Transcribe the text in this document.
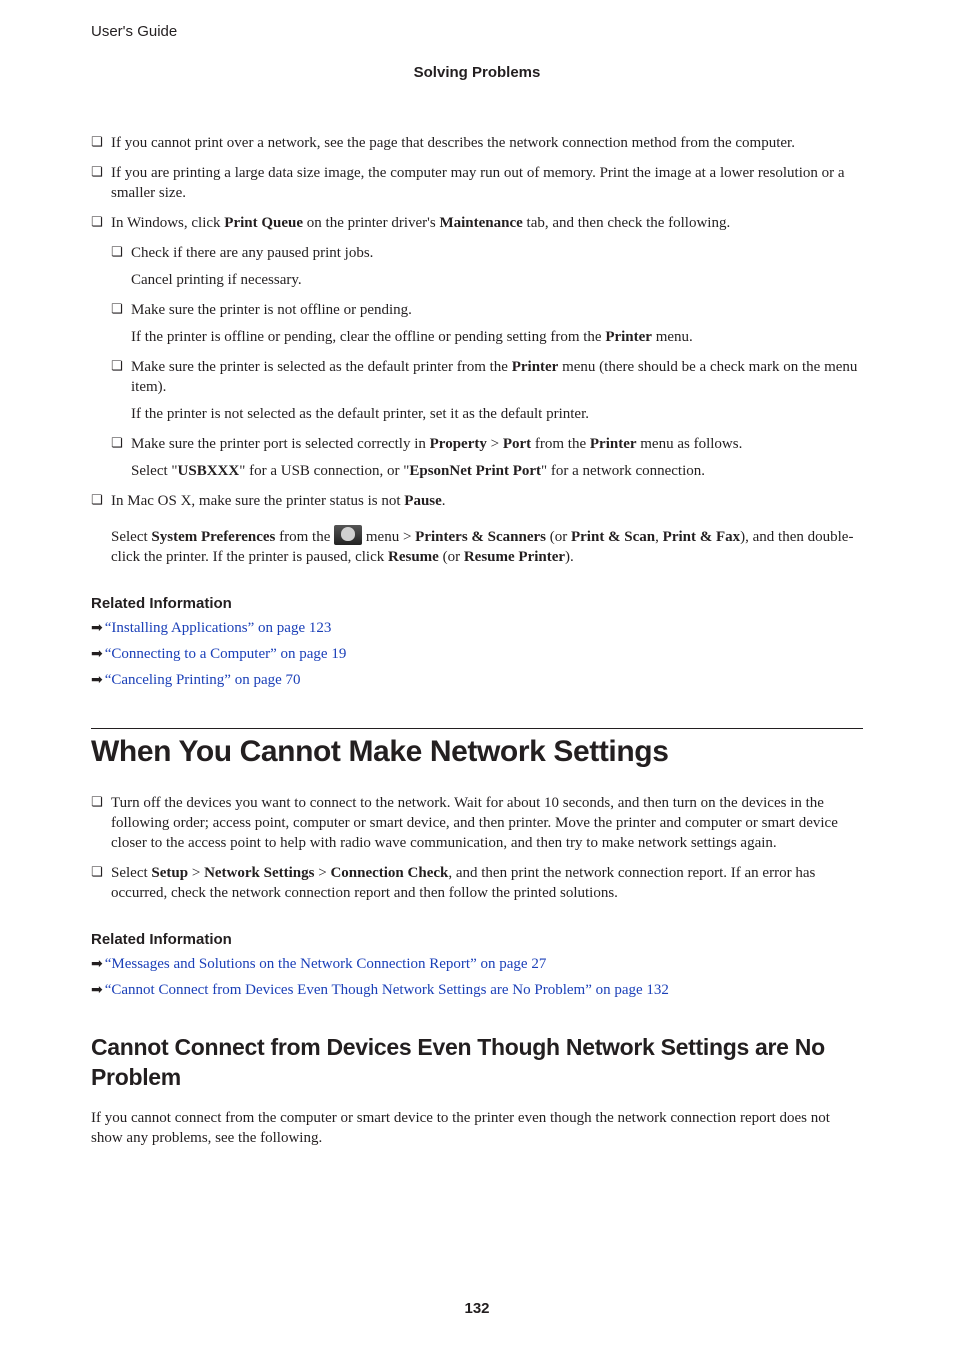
User's Guide
Solving Problems
❏ If you cannot print over a network, see the page that describes the network connection method from the computer.
❏ If you are printing a large data size image, the computer may run out of memory. Print the image at a lower resolution or a smaller size.
❏ In Windows, click Print Queue on the printer driver's Maintenance tab, and then check the following.
❏ Check if there are any paused print jobs.
Cancel printing if necessary.
❏ Make sure the printer is not offline or pending.
If the printer is offline or pending, clear the offline or pending setting from the Printer menu.
❏ Make sure the printer is selected as the default printer from the Printer menu (there should be a check mark on the menu item).
If the printer is not selected as the default printer, set it as the default printer.
❏ Make sure the printer port is selected correctly in Property > Port from the Printer menu as follows.
Select "USBXXX" for a USB connection, or "EpsonNet Print Port" for a network connection.
❏ In Mac OS X, make sure the printer status is not Pause.
Select System Preferences from the
menu > Printers & Scanners (or Print & Scan, Print & Fax), and then double-click the printer. If the printer is paused, click Resume (or Resume Printer).
Related Information
➡ “Installing Applications” on page 123
➡ “Connecting to a Computer” on page 19
➡ “Canceling Printing” on page 70
When You Cannot Make Network Settings
❏ Turn off the devices you want to connect to the network. Wait for about 10 seconds, and then turn on the devices in the following order; access point, computer or smart device, and then printer. Move the printer and computer or smart device closer to the access point to help with radio wave communication, and then try to make network settings again.
❏ Select Setup > Network Settings > Connection Check, and then print the network connection report. If an error has occurred, check the network connection report and then follow the printed solutions.
Related Information
➡ “Messages and Solutions on the Network Connection Report” on page 27
➡ “Cannot Connect from Devices Even Though Network Settings are No Problem” on page 132
Cannot Connect from Devices Even Though Network Settings are No Problem
If you cannot connect from the computer or smart device to the printer even though the network connection report does not show any problems, see the following.
132
